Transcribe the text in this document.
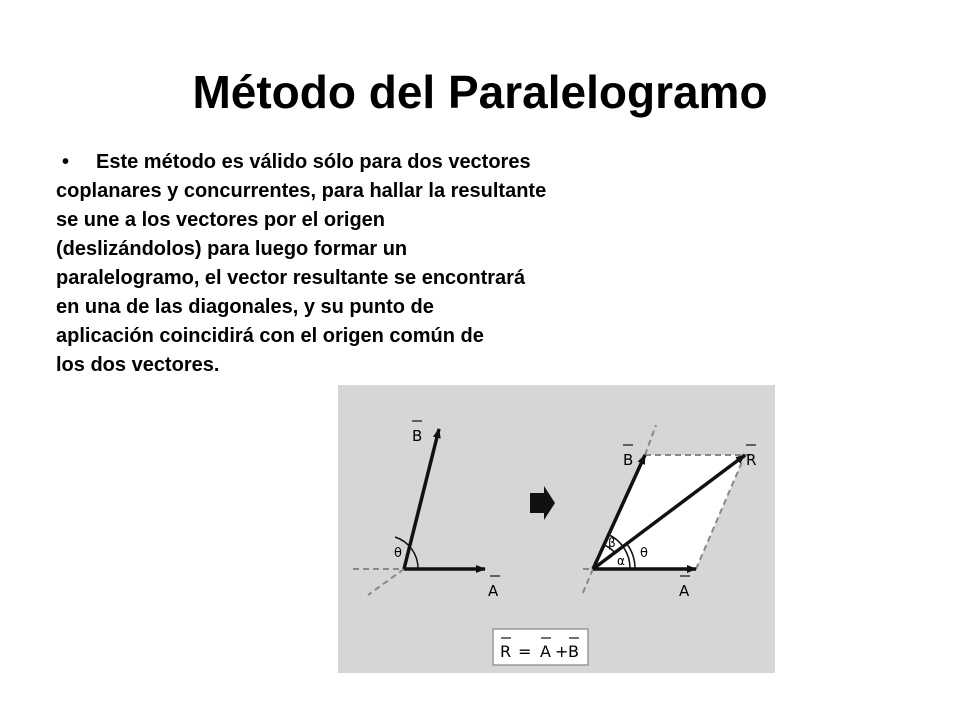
Método del Paralelogramo
• Este método es válido sólo para dos vectores
coplanares y concurrentes, para hallar la resultante
se une a los vectores por el origen
(deslizándolos) para luego formar un
paralelogramo, el vector resultante se encontrará
en una de las diagonales, y su punto de
aplicación coincidirá con el origen común de
los dos vectores.
θ
B
A
β
α θ
B	R
A
R = A + B
